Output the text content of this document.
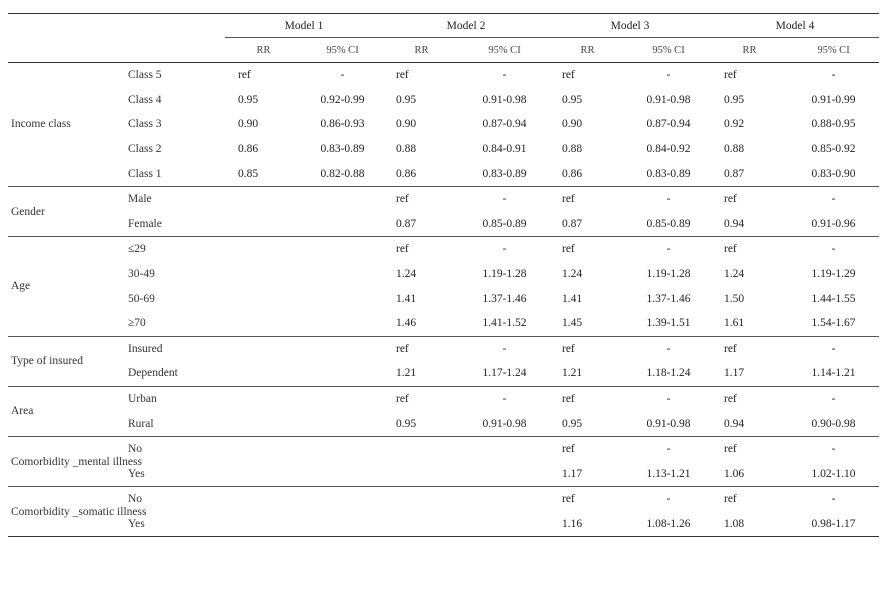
		Model 1		Model 2		Model 3		Model 4	
		RR	95% CI	RR	95% CI	RR	95% CI	RR	95% CI
Income class	Class 5	ref	-	ref	-	ref	-	ref	-
	Class 4	0.95	0.92-0.99	0.95	0.91-0.98	0.95	0.91-0.98	0.95	0.91-0.99
	Class 3	0.90	0.86-0.93	0.90	0.87-0.94	0.90	0.87-0.94	0.92	0.88-0.95
	Class 2	0.86	0.83-0.89	0.88	0.84-0.91	0.88	0.84-0.92	0.88	0.85-0.92
	Class 1	0.85	0.82-0.88	0.86	0.83-0.89	0.86	0.83-0.89	0.87	0.83-0.90
Gender	Male			ref	-	ref	-	ref	-
	Female			0.87	0.85-0.89	0.87	0.85-0.89	0.94	0.91-0.96
Age	≤29			ref	-	ref	-	ref	-
	30-49			1.24	1.19-1.28	1.24	1.19-1.28	1.24	1.19-1.29
	50-69			1.41	1.37-1.46	1.41	1.37-1.46	1.50	1.44-1.55
	≥70			1.46	1.41-1.52	1.45	1.39-1.51	1.61	1.54-1.67
Type of insured	Insured			ref	-	ref	-	ref	-
	Dependent			1.21	1.17-1.24	1.21	1.18-1.24	1.17	1.14-1.21
Area	Urban			ref	-	ref	-	ref	-
	Rural			0.95	0.91-0.98	0.95	0.91-0.98	0.94	0.90-0.98
Comorbidity _mental illness	No					ref	-	ref	-
	Yes					1.17	1.13-1.21	1.06	1.02-1.10
Comorbidity _somatic illness	No					ref	-	ref	-
	Yes					1.16	1.08-1.26	1.08	0.98-1.17
